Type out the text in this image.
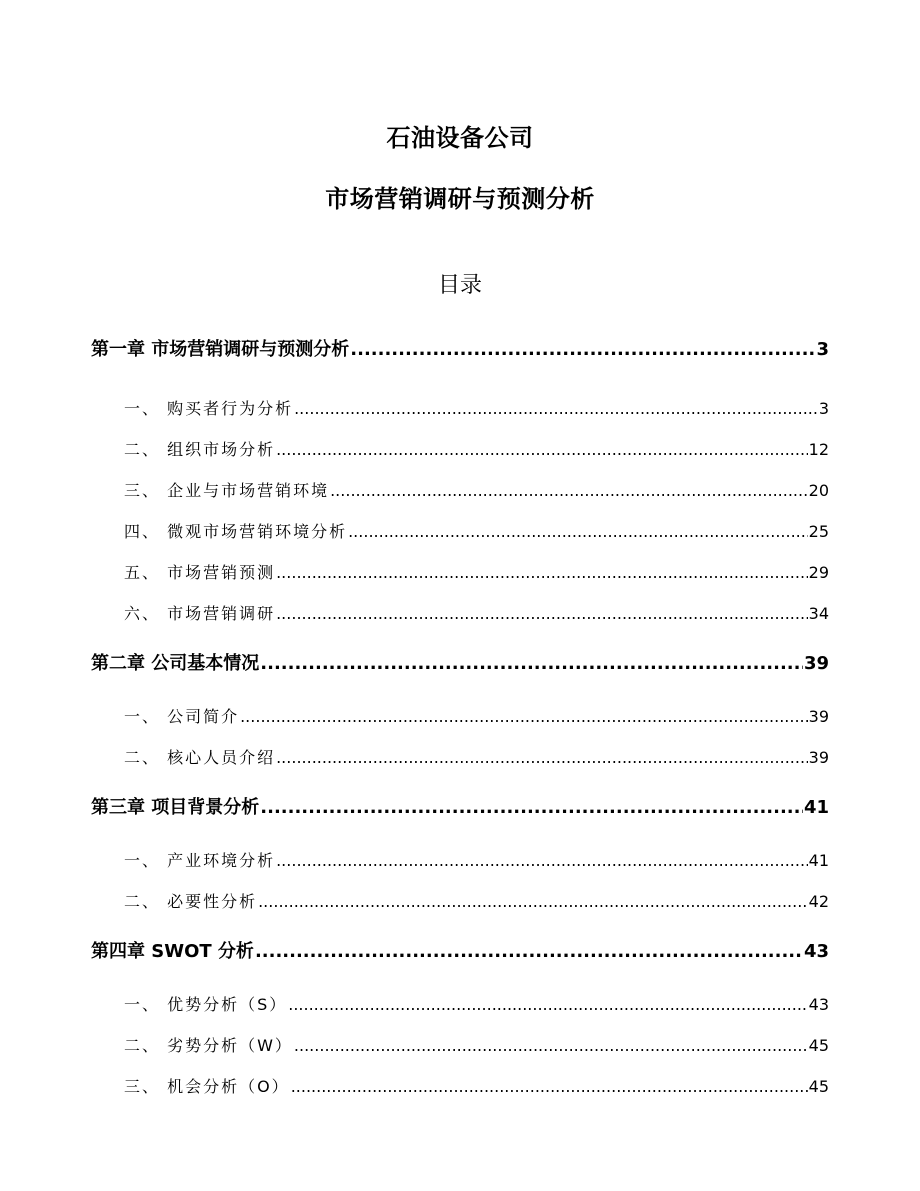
石油设备公司
市场营销调研与预测分析
目录
第一章 市场营销调研与预测分析 .....	3
一、 购买者行为分析 .....	3
二、 组织市场分析 .....	12
三、 企业与市场营销环境 .....	20
四、 微观市场营销环境分析 .....	25
五、 市场营销预测 .....	29
六、 市场营销调研 .....	34
第二章 公司基本情况 .....	39
一、 公司简介 .....	39
二、 核心人员介绍 .....	39
第三章 项目背景分析 .....	41
一、 产业环境分析 .....	41
二、 必要性分析 .....	42
第四章 SWOT 分析 .....	43
一、 优势分析（S） .....	43
二、 劣势分析（W） .....	45
三、 机会分析（O） .....	45
